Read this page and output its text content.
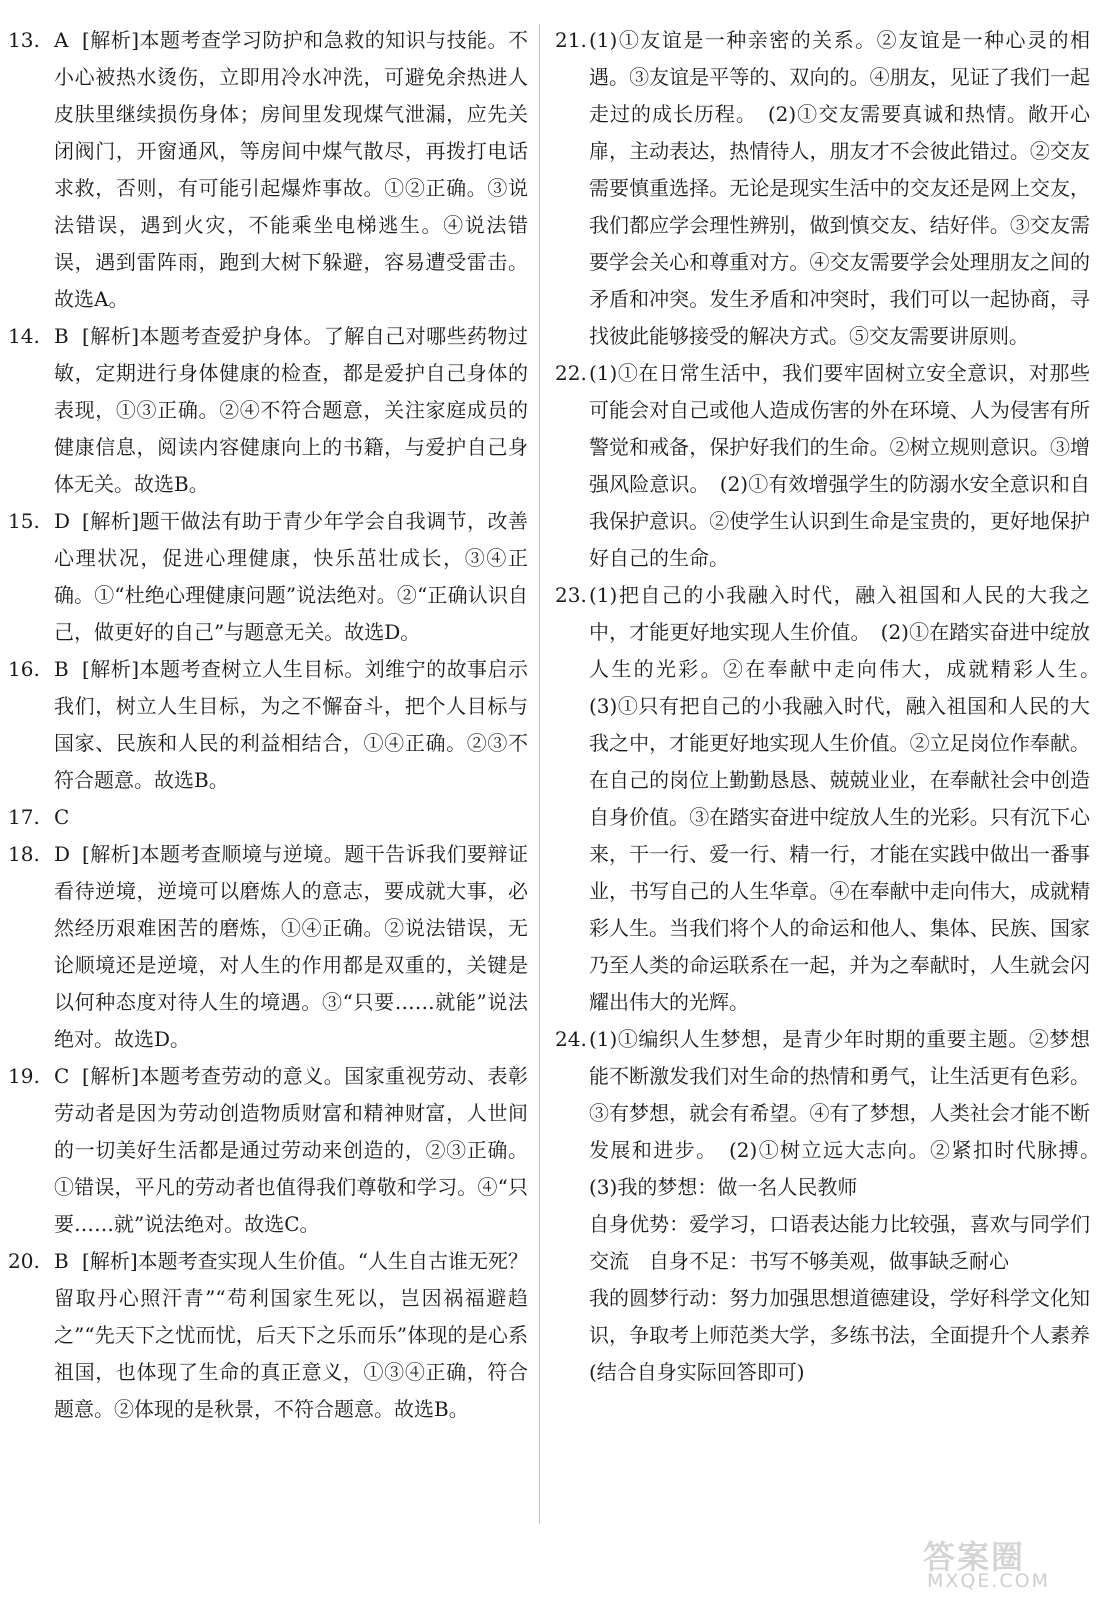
13. A [解析]本题考查学习防护和急救的知识与技能。不小心被热水烫伤，立即用冷水冲洗，可避免余热进人皮肤里继续损伤身体；房间里发现煤气泄漏，应先关闭阀门，开窗通风，等房间中煤气散尽，再拨打电话求救，否则，有可能引起爆炸事故。①②正确。③说法错误，遇到火灾，不能乘坐电梯逃生。④说法错误，遇到雷阵雨，跑到大树下躲避，容易遭受雷击。故选A。
14. B [解析]本题考查爱护身体。了解自己对哪些药物过敏，定期进行身体健康的检查，都是爱护自己身体的表现，①③正确。②④不符合题意，关注家庭成员的健康信息，阅读内容健康向上的书籍，与爱护自己身体无关。故选B。
15. D [解析]题干做法有助于青少年学会自我调节，改善心理状况，促进心理健康，快乐茁壮成长，③④正确。①“杜绝心理健康问题”说法绝对。②“正确认识自己，做更好的自己”与题意无关。故选D。
16. B [解析]本题考查树立人生目标。刘维宁的故事启示我们，树立人生目标，为之不懈奋斗，把个人目标与国家、民族和人民的利益相结合，①④正确。②③不符合题意。故选B。
17. C
18. D [解析]本题考查顺境与逆境。题干告诉我们要辩证看待逆境，逆境可以磨炼人的意志，要成就大事，必然经历艰难困苦的磨炼，①④正确。②说法错误，无论顺境还是逆境，对人生的作用都是双重的，关键是以何种态度对待人生的境遇。③“只要……就能”说法绝对。故选D。
19. C [解析]本题考查劳动的意义。国家重视劳动、表彰劳动者是因为劳动创造物质财富和精神财富，人世间的一切美好生活都是通过劳动来创造的，②③正确。①错误，平凡的劳动者也值得我们尊敬和学习。④“只要……就”说法绝对。故选C。
20. B [解析]本题考查实现人生价值。“人生自古谁无死？留取丹心照汗青”“苟利国家生死以，岂因祸福避趋之”“先天下之忧而忧，后天下之乐而乐”体现的是心系祖国，也体现了生命的真正意义，①③④正确，符合题意。②体现的是秋景，不符合题意。故选B。
21. (1)①友谊是一种亲密的关系。②友谊是一种心灵的相遇。③友谊是平等的、双向的。④朋友，见证了我们一起走过的成长历程。　(2)①交友需要真诚和热情。敞开心扉，主动表达，热情待人，朋友才不会彼此错过。②交友需要慎重选择。无论是现实生活中的交友还是网上交友，我们都应学会理性辨别，做到慎交友、结好伴。③交友需要学会关心和尊重对方。④交友需要学会处理朋友之间的矛盾和冲突。发生矛盾和冲突时，我们可以一起协商，寻找彼此能够接受的解决方式。⑤交友需要讲原则。
22. (1)①在日常生活中，我们要牢固树立安全意识，对那些可能会对自己或他人造成伤害的外在环境、人为侵害有所警觉和戒备，保护好我们的生命。②树立规则意识。③增强风险意识。　(2)①有效增强学生的防溺水安全意识和自我保护意识。②使学生认识到生命是宝贵的，更好地保护好自己的生命。
23. (1)把自己的小我融入时代，融入祖国和人民的大我之中，才能更好地实现人生价值。　(2)①在踏实奋进中绽放人生的光彩。②在奉献中走向伟大，成就精彩人生。　(3)①只有把自己的小我融入时代，融入祖国和人民的大我之中，才能更好地实现人生价值。②立足岗位作奉献。在自己的岗位上勤勤恳恳、兢兢业业，在奉献社会中创造自身价值。③在踏实奋进中绽放人生的光彩。只有沉下心来，干一行、爱一行、精一行，才能在实践中做出一番事业，书写自己的人生华章。④在奉献中走向伟大，成就精彩人生。当我们将个人的命运和他人、集体、民族、国家乃至人类的命运联系在一起，并为之奉献时，人生就会闪耀出伟大的光辉。
24. (1)①编织人生梦想，是青少年时期的重要主题。②梦想能不断激发我们对生命的热情和勇气，让生活更有色彩。③有梦想，就会有希望。④有了梦想，人类社会才能不断发展和进步。　(2)①树立远大志向。②紧扣时代脉搏。　(3)我的梦想：做一名人民教师
自身优势：爱学习，口语表达能力比较强，喜欢与同学们交流　自身不足：书写不够美观，做事缺乏耐心
我的圆梦行动：努力加强思想道德建设，学好科学文化知识，争取考上师范类大学，多练书法，全面提升个人素养(结合自身实际回答即可)
答案圈
MXQE.COM
